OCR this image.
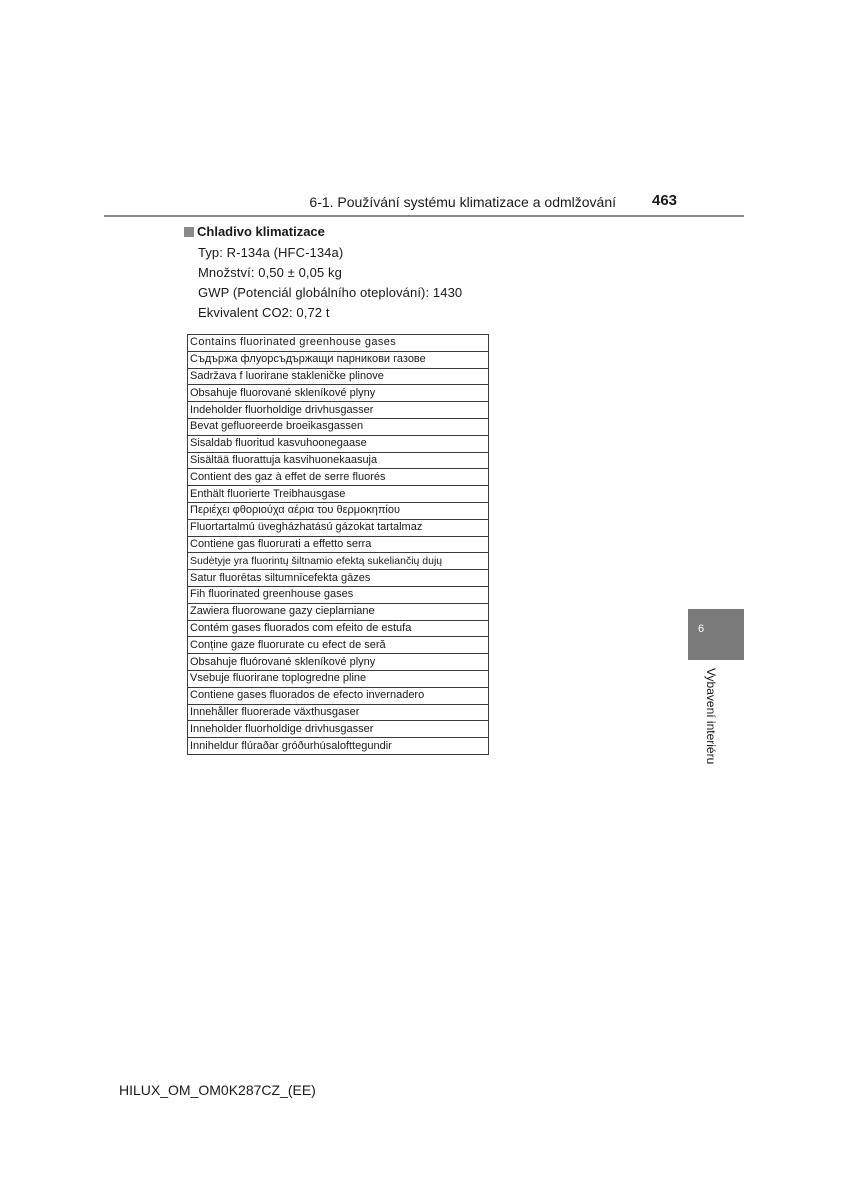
6-1. Používání systému klimatizace a odmlžování 463
Chladivo klimatizace
Typ: R-134a (HFC-134a)
Množství: 0,50 ± 0,05 kg
GWP (Potenciál globálního oteplování): 1430
Ekvivalent CO2: 0,72 t
Contains fluorinated greenhouse gases
Съдържа флуорсъдържащи парникови газове
Sadržava f luorirane stakleničke plinove
Obsahuje fluorované skleníkové plyny
Indeholder fluorholdige drivhusgasser
Bevat gefluoreerde broeikasgassen
Sisaldab fluoritud kasvuhoonegaase
Sisältää fluorattuja kasvihuonekaasuja
Contient des gaz à effet de serre fluorés
Enthält fluorierte Treibhausgase
Περιέχει φθοριούχα αέρια του θερμοκηπίου
Fluortartalmú üvegházhatású gázokat tartalmaz
Contiene gas fluorurati a effetto serra
Sudėtyje yra fluorintų šiltnamio efektą sukeliančių dujų
Satur fluorētas siltumnīcefekta gāzes
Fih fluorinated greenhouse gases
Zawiera fluorowane gazy cieplarniane
Contém gases fluorados com efeito de estufa
Conține gaze fluorurate cu efect de seră
Obsahuje fluórované skleníkové plyny
Vsebuje fluorirane toplogredne pline
Contiene gases fluorados de efecto invernadero
Innehåller fluorerade växthusgaser
Inneholder fluorholdige drivhusgasser
Inniheldur flúraðar gróðurhúsalofttegundir
6
Vybavení interiéru
HILUX_OM_OM0K287CZ_(EE)
